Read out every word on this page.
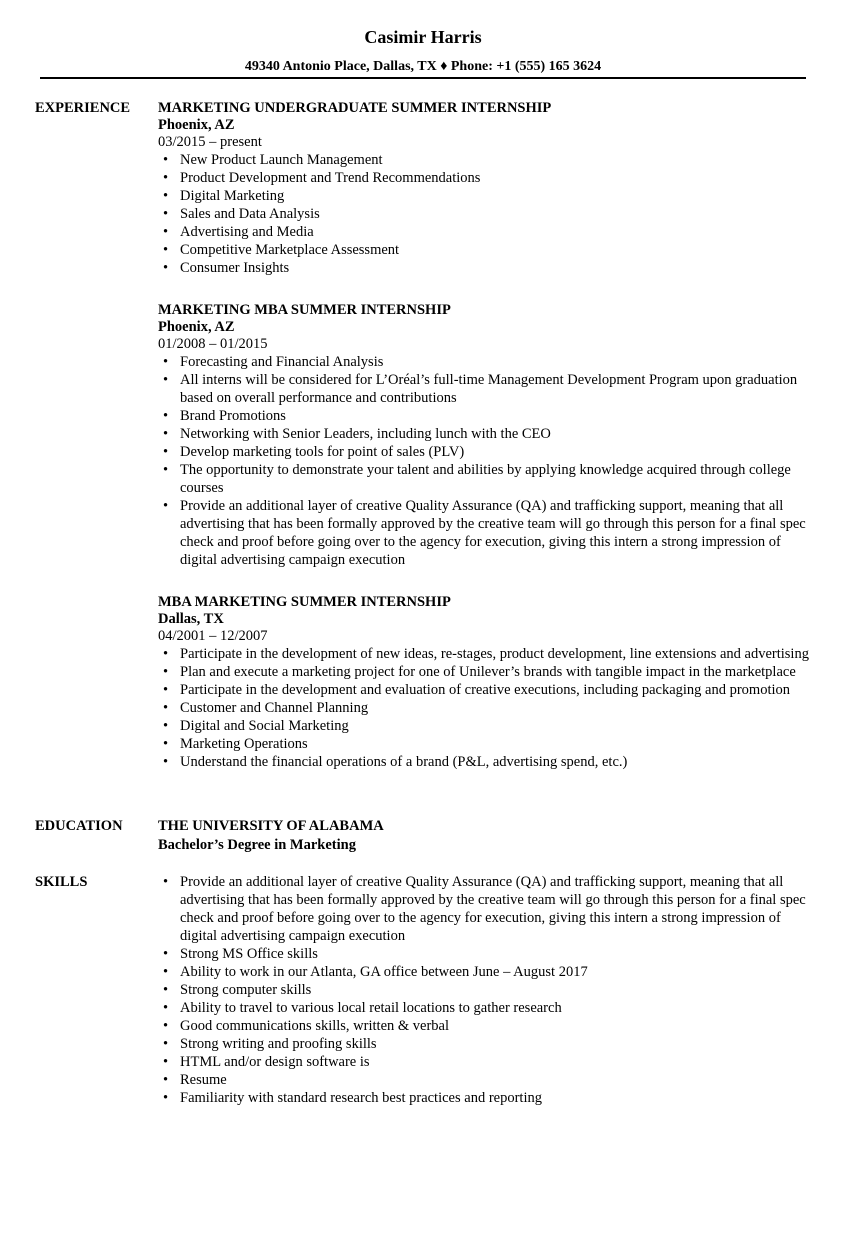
Casimir Harris
49340 Antonio Place, Dallas, TX ♦ Phone: +1 (555) 165 3624
EXPERIENCE	MARKETING UNDERGRADUATE SUMMER INTERNSHIP
Phoenix, AZ
03/2015 – present
• New Product Launch Management
• Product Development and Trend Recommendations
• Digital Marketing
• Sales and Data Analysis
• Advertising and Media
• Competitive Marketplace Assessment
• Consumer Insights
MARKETING MBA SUMMER INTERNSHIP
Phoenix, AZ
01/2008 – 01/2015
• Forecasting and Financial Analysis
• All interns will be considered for L’Oréal’s full-time Management Development Program upon graduation based on overall performance and contributions
• Brand Promotions
• Networking with Senior Leaders, including lunch with the CEO
• Develop marketing tools for point of sales (PLV)
• The opportunity to demonstrate your talent and abilities by applying knowledge acquired through college courses
• Provide an additional layer of creative Quality Assurance (QA) and trafficking support, meaning that all advertising that has been formally approved by the creative team will go through this person for a final spec check and proof before going over to the agency for execution, giving this intern a strong impression of digital advertising campaign execution
MBA MARKETING SUMMER INTERNSHIP
Dallas, TX
04/2001 – 12/2007
• Participate in the development of new ideas, re-stages, product development, line extensions and advertising
• Plan and execute a marketing project for one of Unilever’s brands with tangible impact in the marketplace
• Participate in the development and evaluation of creative executions, including packaging and promotion
• Customer and Channel Planning
• Digital and Social Marketing
• Marketing Operations
• Understand the financial operations of a brand (P&L, advertising spend, etc.)
EDUCATION	THE UNIVERSITY OF ALABAMA
Bachelor’s Degree in Marketing
SKILLS
•	Provide an additional layer of creative Quality Assurance (QA) and trafficking support, meaning that all advertising that has been formally approved by the creative team will go through this person for a final spec check and proof before going over to the agency for execution, giving this intern a strong impression of digital advertising campaign execution
• Strong MS Office skills
• Ability to work in our Atlanta, GA office between June – August 2017
• Strong computer skills
• Ability to travel to various local retail locations to gather research
• Good communications skills, written & verbal
• Strong writing and proofing skills
• HTML and/or design software is
• Resume
• Familiarity with standard research best practices and reporting
